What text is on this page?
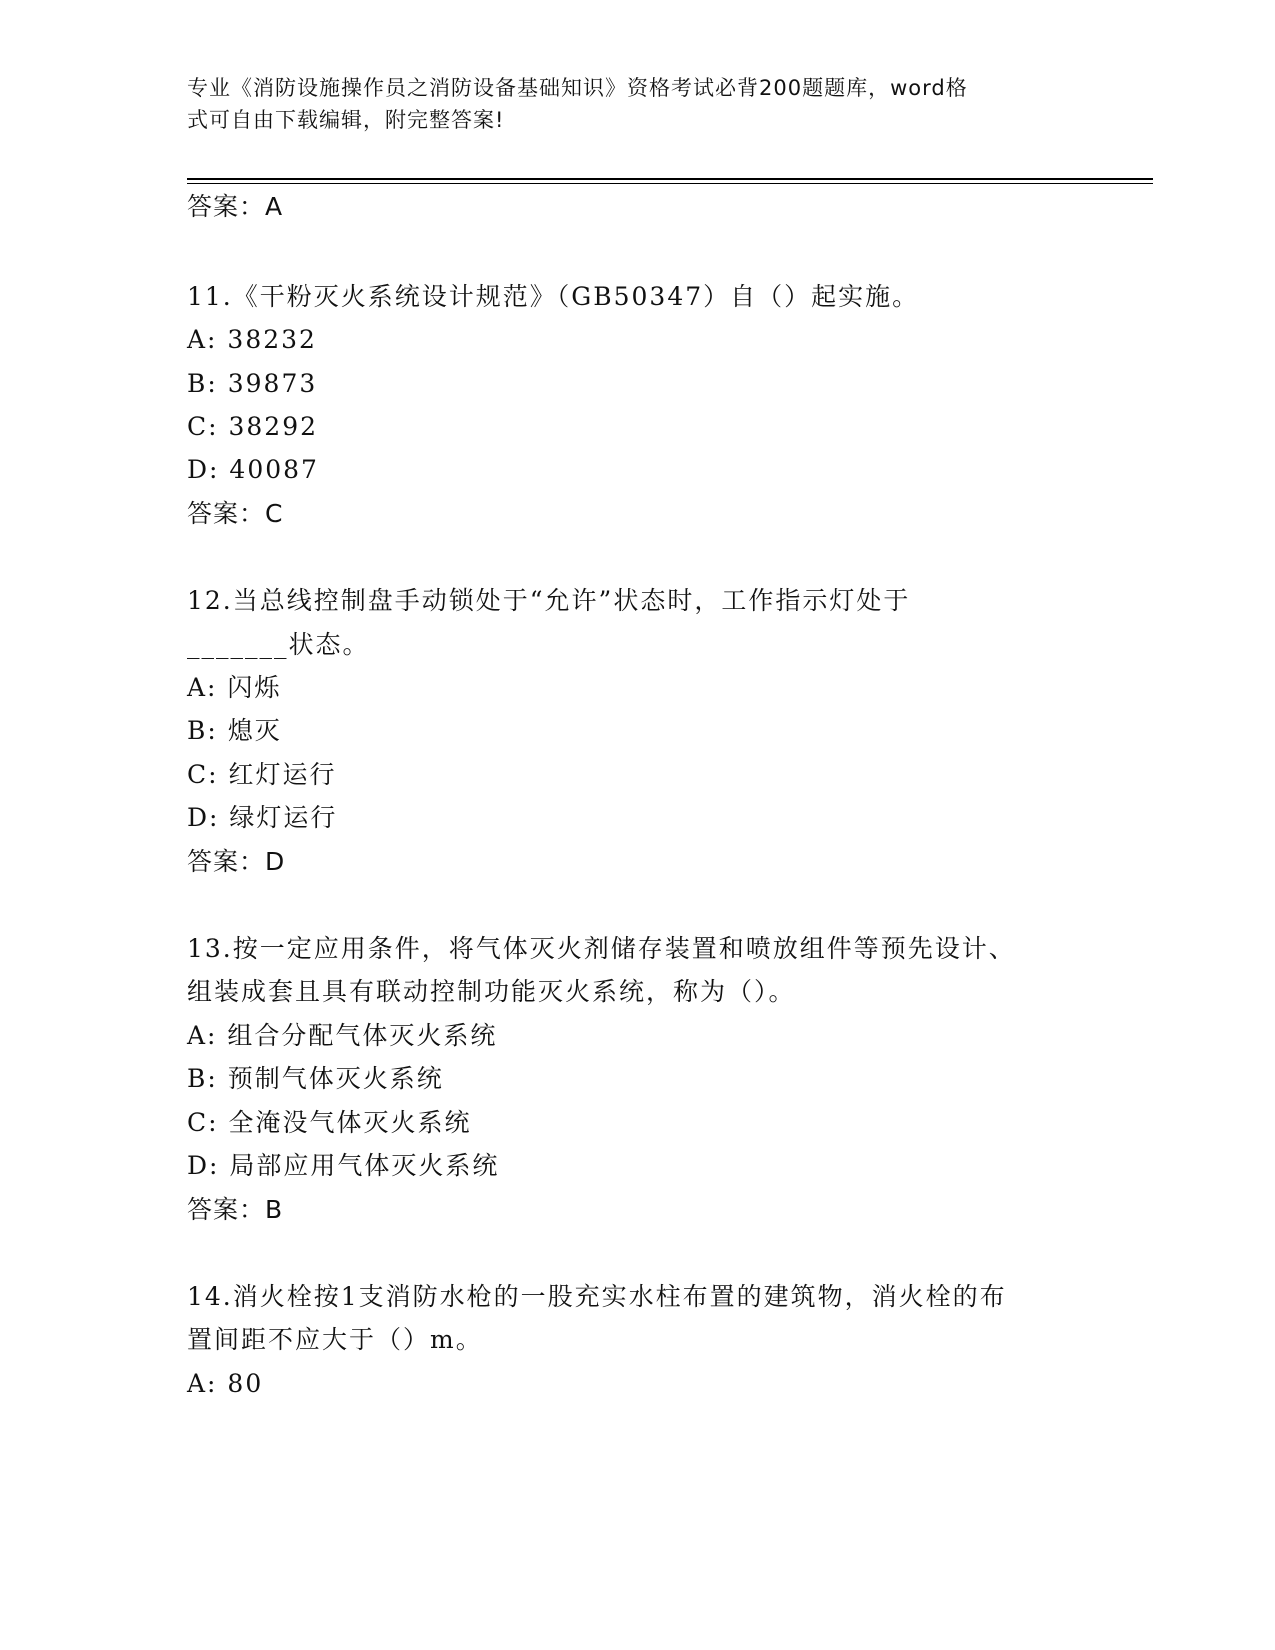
专业《消防设施操作员之消防设备基础知识》资格考试必背200题题库，word格
式可自由下载编辑，附完整答案!
答案：A
11.《干粉灭火系统设计规范》（GB50347）自（）起实施。
A: 38232
B: 39873
C: 38292
D: 40087
答案：C
12.当总线控制盘手动锁处于“允许”状态时，工作指示灯处于
_______状态。
A: 闪烁
B: 熄灭
C: 红灯运行
D: 绿灯运行
答案：D
13.按一定应用条件，将气体灭火剂储存装置和喷放组件等预先设计、
组装成套且具有联动控制功能灭火系统，称为（）。
A: 组合分配气体灭火系统
B: 预制气体灭火系统
C: 全淹没气体灭火系统
D: 局部应用气体灭火系统
答案：B
14.消火栓按1支消防水枪的一股充实水柱布置的建筑物，消火栓的布
置间距不应大于（）m。
A: 80
